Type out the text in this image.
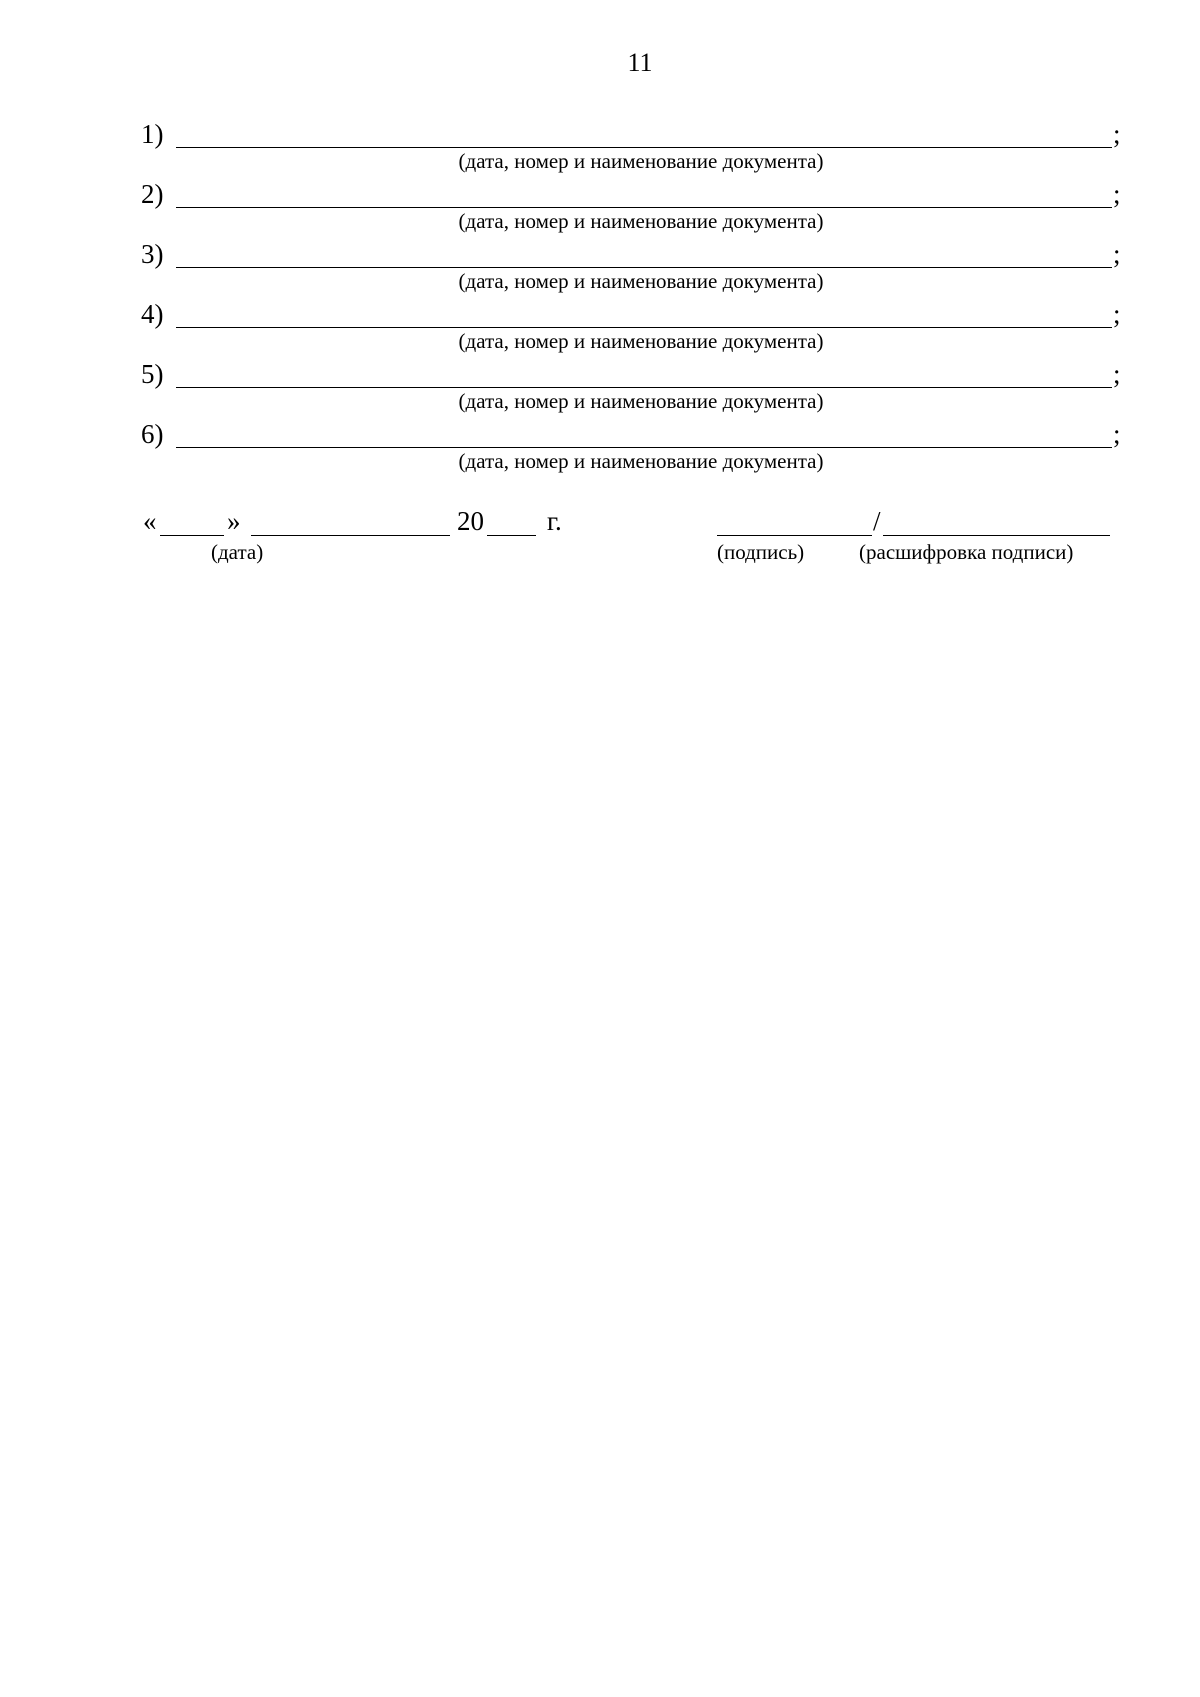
11
1)	;
(дата, номер и наименование документа)
2)	;
(дата, номер и наименование документа)
3)	;
(дата, номер и наименование документа)
4)	;
(дата, номер и наименование документа)
5)	;
(дата, номер и наименование документа)
6)	;
(дата, номер и наименование документа)
«	»	20 г.
(дата)
/
(подпись)	(расшифровка подписи)
